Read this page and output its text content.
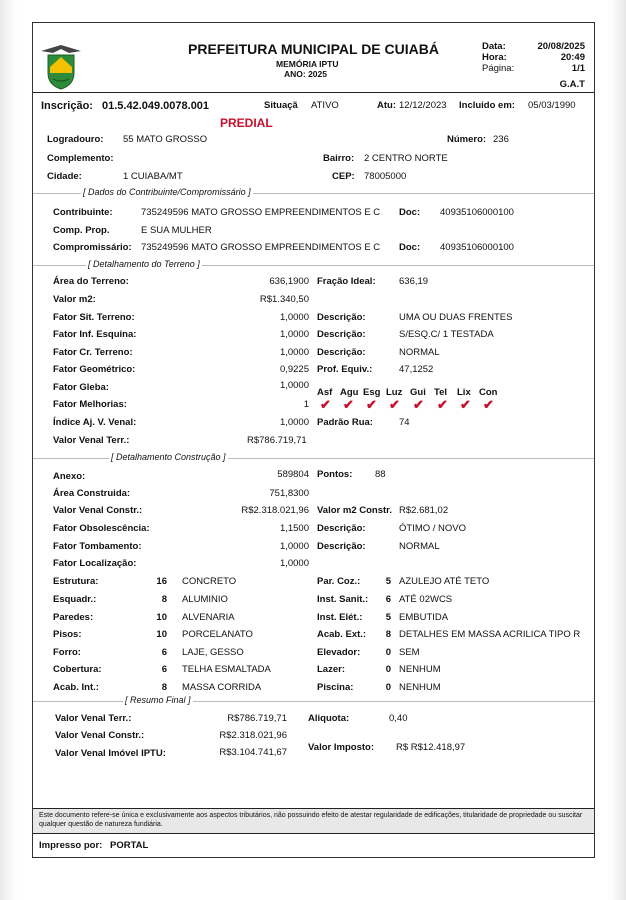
PREFEITURA MUNICIPAL DE CUIABÁ
MEMÓRIA IPTU
ANO: 2025
Data:	20/08/2025
Hora:	20:49
Página:	1/1
G.A.T
Inscrição: 01.5.42.049.0078.001	Situaçã ATIVO	Atu: 12/12/2023 Incluido em: 05/03/1990
PREDIAL
Logradouro: 55 MATO GROSSO	Número: 236
Complemento:	Bairro: 2 CENTRO NORTE
Cidade:	1 CUIABA/MT	CEP: 78005000
[ Dados do Contribuinte/Compromissário ]
Contribuinte:	735249596 MATO GROSSO EMPREENDIMENTOS E C	Doc: 40935106000100
Comp. Prop.	E SUA MULHER
Compromissário: 735249596 MATO GROSSO EMPREENDIMENTOS E C	Doc: 40935106000100
[ Detalhamento do Terreno ]
Área do Terreno:	636,1900
Valor m2:	R$1.340,50
Fator Sit. Terreno:	1,0000
Fator Inf. Esquina:	1,0000
Fator Cr. Terreno:	1,0000
Fator Geométrico:	0,9225
Fator Gleba:	1,0000
Fator Melhorias:	1
Índice Aj. V. Venal:	1,0000
Valor Venal Terr.:	R$786.719,71
Fração Ideal: 636,19
Descrição:	UMA OU DUAS FRENTES
Descrição:	S/ESQ.C/ 1 TESTADA
Descrição:	NORMAL
Prof. Equiv.:	47,1252
Asf Agu Esg Luz Gui Tel Lix Con
✔ ✔ ✔ ✔ ✔ ✔ ✔ ✔
Padrão Rua:	74
[ Detalhamento Construção ]
Anexo:	589804 Pontos: 88
Área Construida:	751,8300
Valor Venal Constr.:	R$2.318.021,96 Valor m2 Constr. R$2.681,02
Fator Obsolescência:	1,1500 Descrição:	ÓTIMO / NOVO
Fator Tombamento:	1,0000 Descrição:	NORMAL
Fator Localização:	1,0000
Estrutura:	16 CONCRETO
Esquadr.:	8 ALUMINIO
Paredes:	10 ALVENARIA
Pisos:	10 PORCELANATO
Forro:	6 LAJE, GESSO
Cobertura:	6 TELHA ESMALTADA
Acab. Int.:	8 MASSA CORRIDA
Par. Coz.:	5 AZULEJO ATÉ TETO
Inst. Sanit.:	6 ATÉ 02WCS
Inst. Elét.:	5 EMBUTIDA
Acab. Ext.:	8 DETALHES EM MASSA ACRILICA TIPO R
Elevador:	0 SEM
Lazer:	0 NENHUM
Piscina:	0 NENHUM
[ Resumo Final ]
Valor Venal Terr.:	R$786.719,71
Valor Venal Constr.:	R$2.318.021,96
Valor Venal Imóvel IPTU:	R$3.104.741,67
Aliquota:	0,40
Valor Imposto: R$ R$12.418,97
Este documento refere-se única e exclusivamente aos aspectos tributários, não possuindo efeito de atestar regularidade de edificações, titularidade de propriedade ou suscitar qualquer questão de natureza fundiária.
Impresso por: PORTAL
